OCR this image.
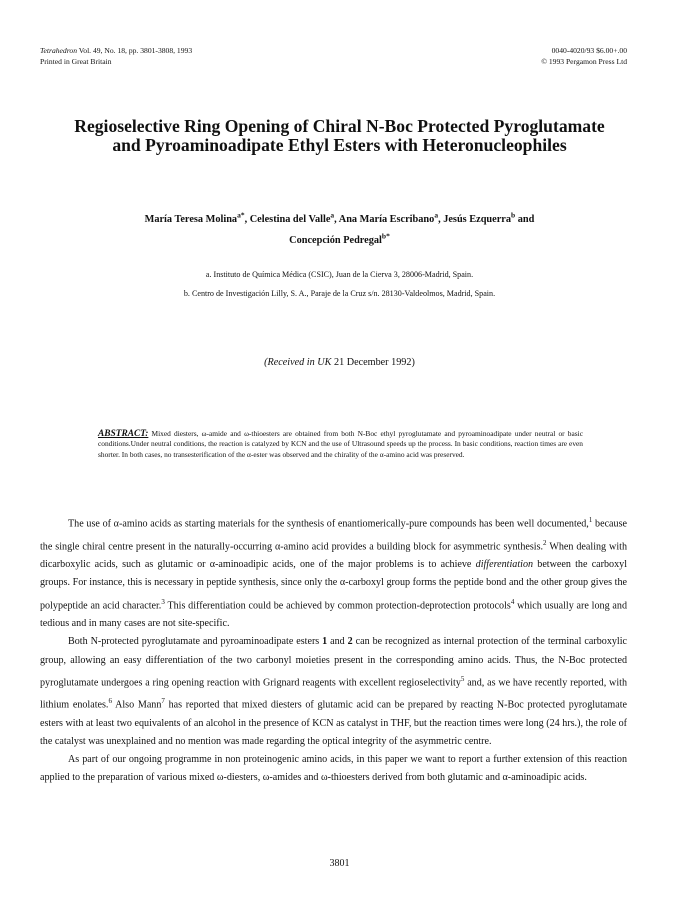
Tetrahedron Vol. 49, No. 18, pp. 3801-3808, 1993
Printed in Great Britain
0040-4020/93 $6.00+.00
© 1993 Pergamon Press Ltd
Regioselective Ring Opening of Chiral N-Boc Protected Pyroglutamate and Pyroaminoadipate Ethyl Esters with Heteronucleophiles
María Teresa Molina$^{a*}$, Celestina del Valle$^a$, Ana María Escribano$^a$, Jesús Ezquerra$^b$ and
Concepción Pedregal$^{b*}$
a. Instituto de Química Médica (CSIC), Juan de la Cierva 3, 28006-Madrid, Spain.
b. Centro de Investigación Lilly, S. A., Paraje de la Cruz s/n. 28130-Valdeolmos, Madrid, Spain.
(Received in UK 21 December 1992)
ABSTRACT: Mixed diesters, ω-amide and ω-thioesters are obtained from both N-Boc ethyl pyroglutamate and pyroaminoadipate under neutral or basic conditions.Under neutral conditions, the reaction is catalyzed by KCN and the use of Ultrasound speeds up the process. In basic conditions, reaction times are even shorter. In both cases, no transesterification of the α-ester was observed and the chirality of the α-amino acid was preserved.

The use of α-amino acids as starting materials for the synthesis of enantiomerically-pure compounds has been well documented,$^1$ because the single chiral centre present in the naturally-occurring α-amino acid provides a building block for asymmetric synthesis.$^2$ When dealing with dicarboxylic acids, such as glutamic or α-aminoadipic acids, one of the major problems is to achieve differentiation between the carboxyl groups. For instance, this is necessary in peptide synthesis, since only the α-carboxyl group forms the peptide bond and the other group gives the polypeptide an acid character.$^3$ This differentiation could be achieved by common protection-deprotection protocols$^4$ which usually are long and tedious and in many cases are not site-specific.

Both N-protected pyroglutamate and pyroaminoadipate esters 1 and 2 can be recognized as internal protection of the terminal carboxylic group, allowing an easy differentiation of the two carbonyl moieties present in the corresponding amino acids. Thus, the N-Boc protected pyroglutamate undergoes a ring opening reaction with Grignard reagents with excellent regioselectivity$^5$ and, as we have recently reported, with lithium enolates.$^6$ Also Mann$^7$ has reported that mixed diesters of glutamic acid can be prepared by reacting N-Boc protected pyroglutamate esters with at least two equivalents of an alcohol in the presence of KCN as catalyst in THF, but the reaction times were long (24 hrs.), the role of the catalyst was unexplained and no mention was made regarding the optical integrity of the asymmetric centre.

As part of our ongoing programme in non proteinogenic amino acids, in this paper we want to report a further extension of this reaction applied to the preparation of various mixed ω-diesters, ω-amides and ω-thioesters derived from both glutamic and α-aminoadipic acids.

3801
